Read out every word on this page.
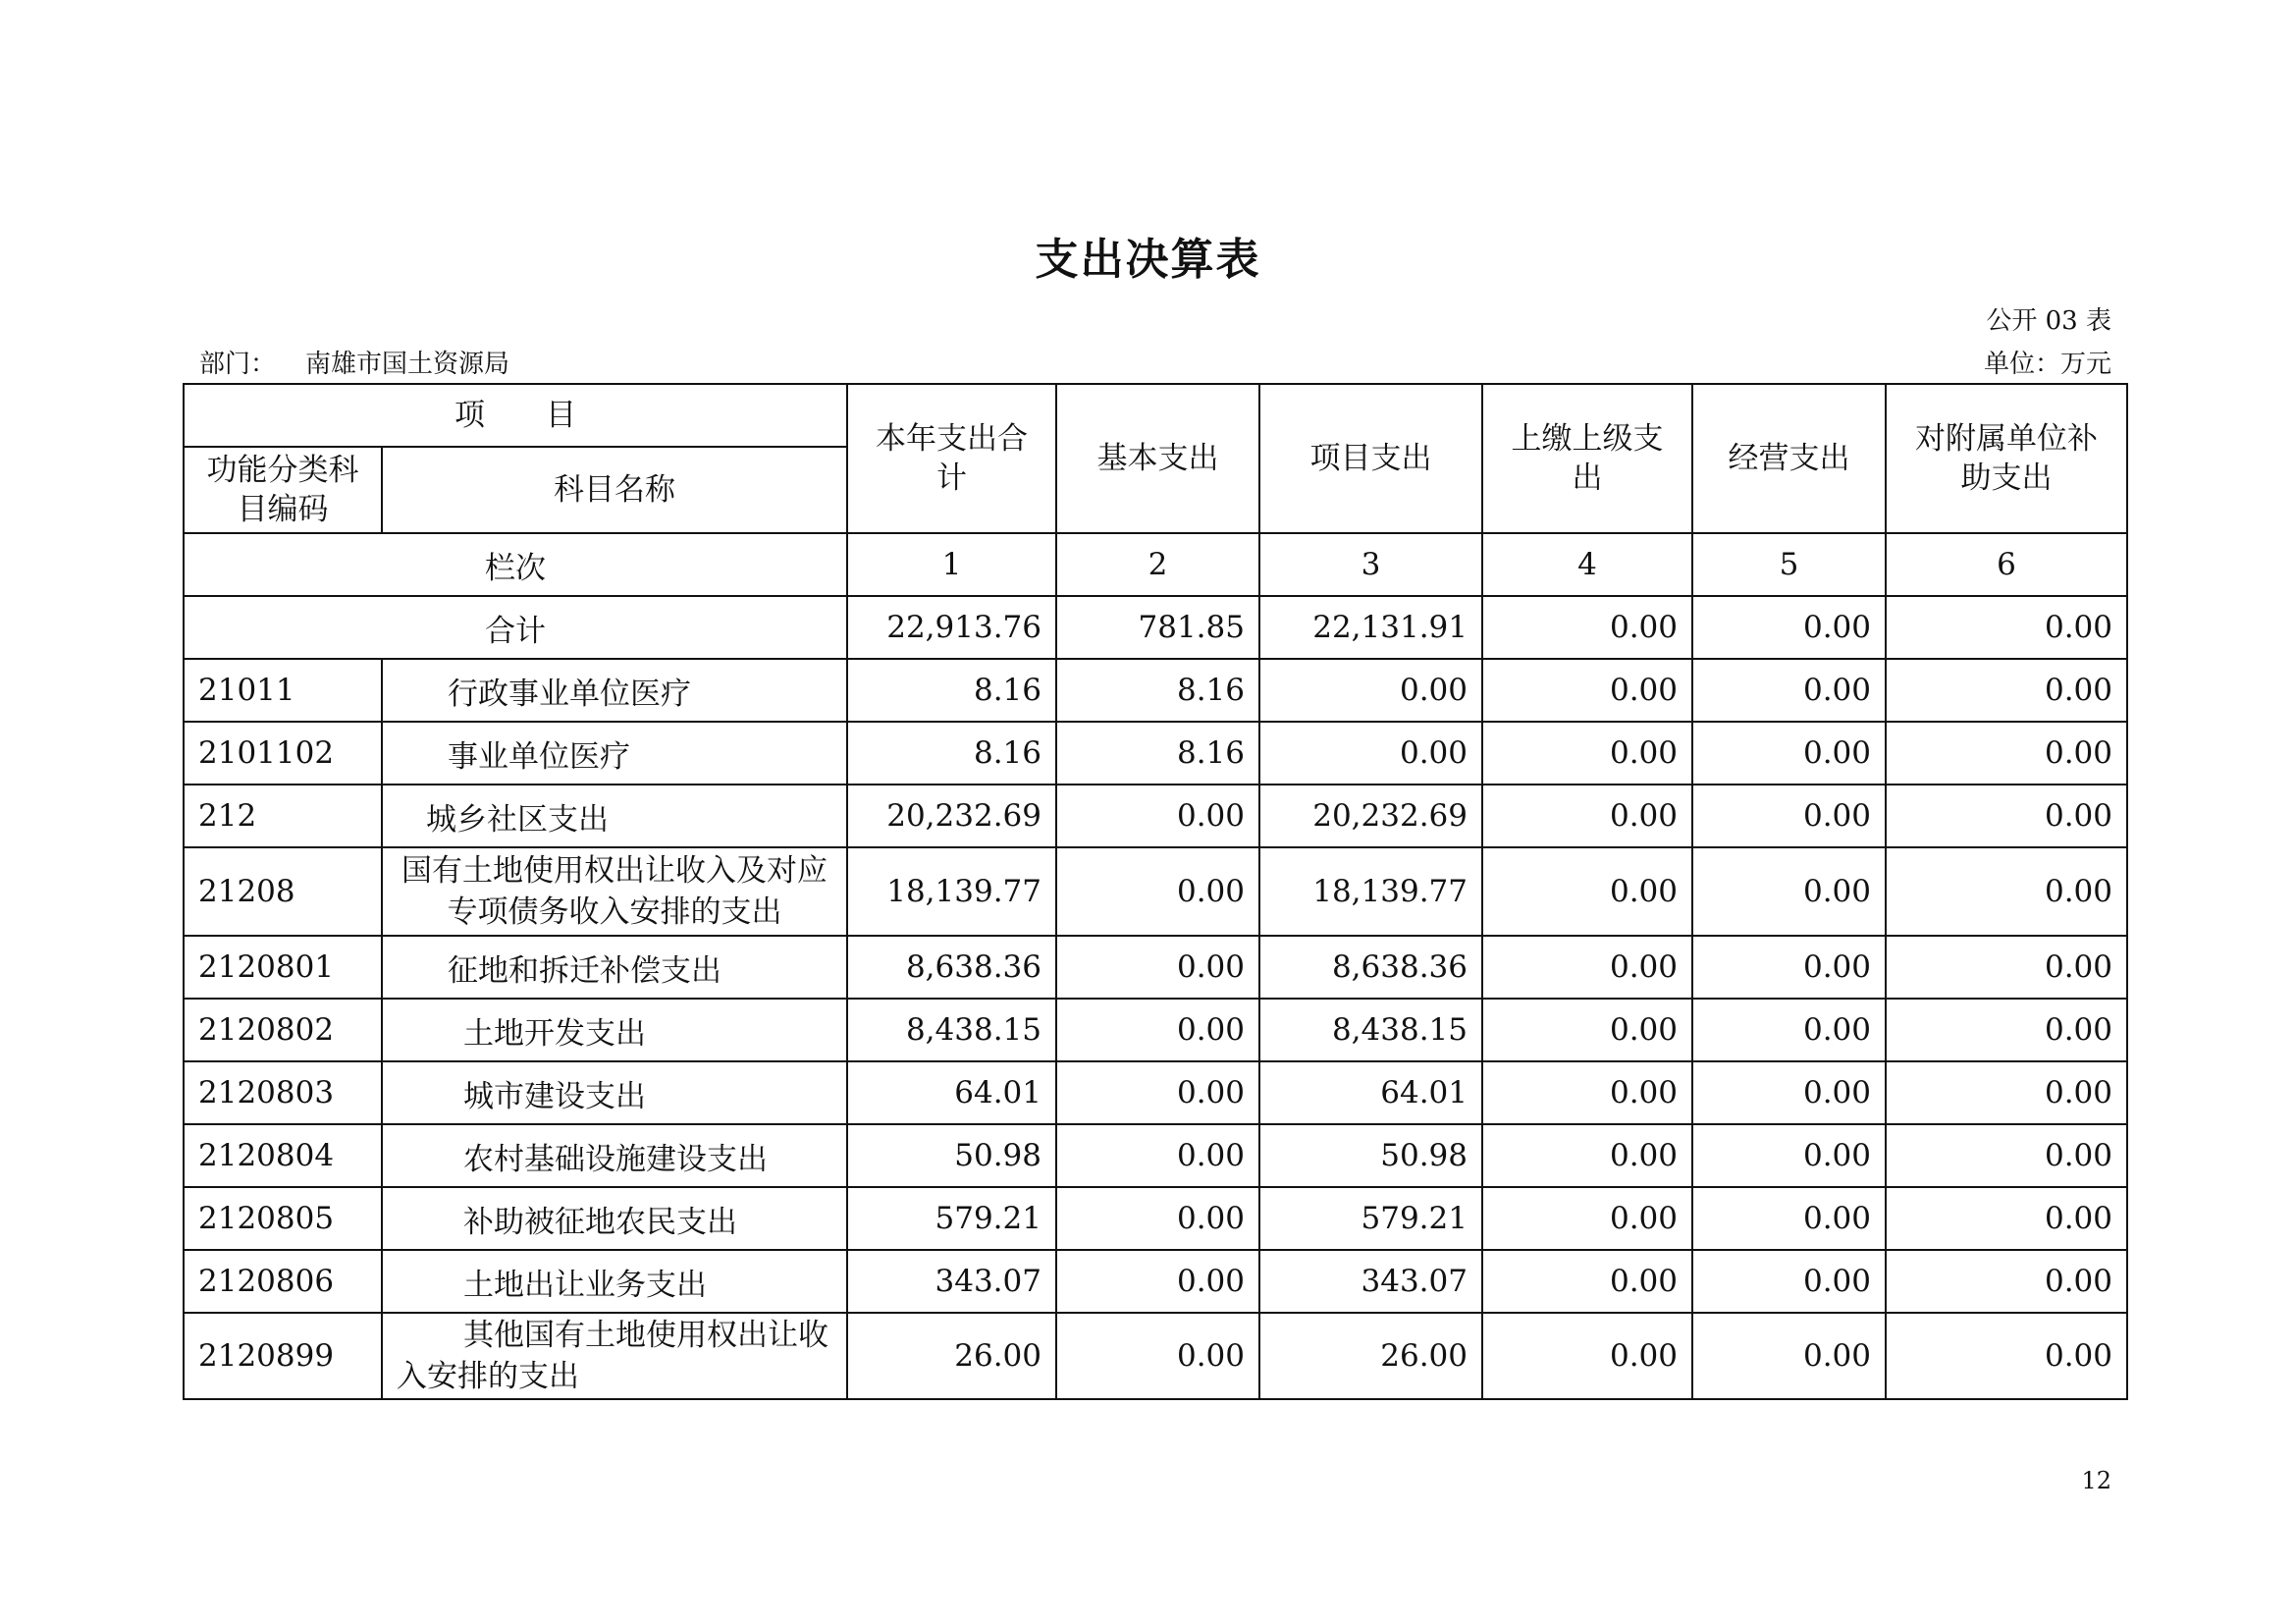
支出决算表
公开 03 表
部门： 南雄市国土资源局	单位：万元
项　　目		本年支出合计	基本支出	项目支出	上缴上级支出	经营支出	对附属单位补助支出
功能分类科目编码	科目名称						
栏次		1	2	3	4	5	6
合计		22,913.76	781.85	22,131.91	0.00	0.00	0.00
21011	行政事业单位医疗	8.16	8.16	0.00	0.00	0.00	0.00
2101102	事业单位医疗	8.16	8.16	0.00	0.00	0.00	0.00
212	城乡社区支出	20,232.69	0.00	20,232.69	0.00	0.00	0.00
21208	国有土地使用权出让收入及对应专项债务收入安排的支出	18,139.77	0.00	18,139.77	0.00	0.00	0.00
2120801	征地和拆迁补偿支出	8,638.36	0.00	8,638.36	0.00	0.00	0.00
2120802	土地开发支出	8,438.15	0.00	8,438.15	0.00	0.00	0.00
2120803	城市建设支出	64.01	0.00	64.01	0.00	0.00	0.00
2120804	农村基础设施建设支出	50.98	0.00	50.98	0.00	0.00	0.00
2120805	补助被征地农民支出	579.21	0.00	579.21	0.00	0.00	0.00
2120806	土地出让业务支出	343.07	0.00	343.07	0.00	0.00	0.00
2120899	其他国有土地使用权出让收入安排的支出	26.00	0.00	26.00	0.00	0.00	0.00
12
